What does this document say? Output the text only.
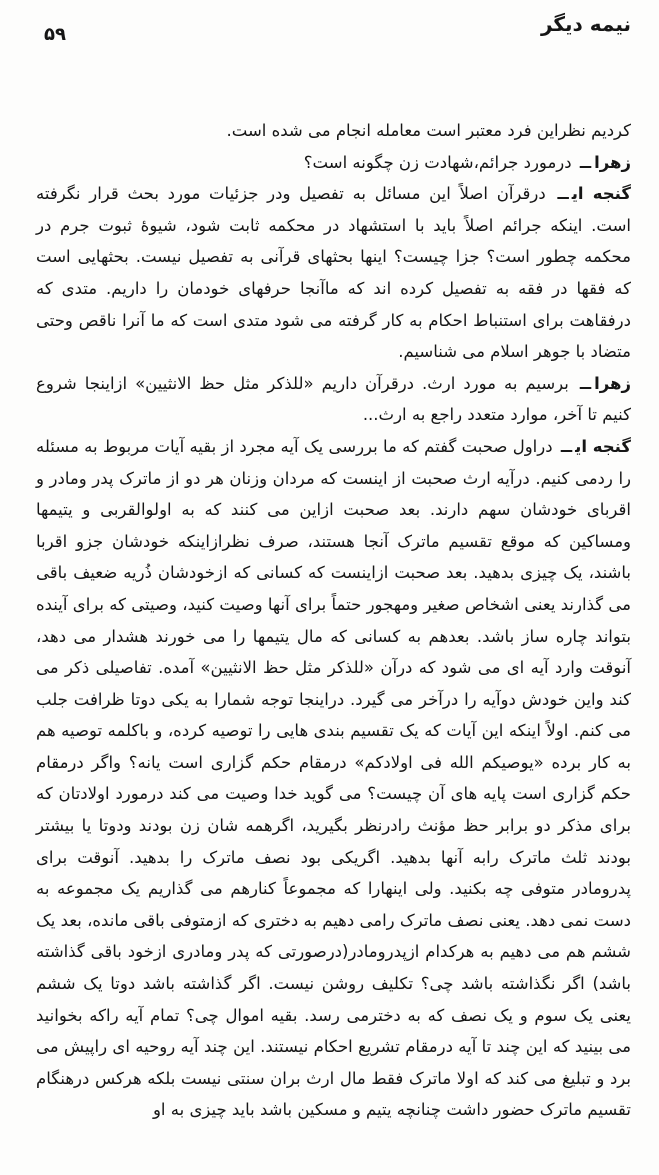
نیمه دیگر
۵۹

کردیم نظراین فرد معتبر است معامله انجام می شده است.

زهراــ درمورد جرائم،شهادت زن چگونه است؟

گنجه ایــ درقرآن اصلاً این مسائل به تفصیل ودر جزئیات مورد بحث قرار نگرفته است. اینکه جرائم اصلاً باید با استشهاد در محکمه ثابت شود، شیوهٔ ثبوت جرم در محکمه چطور است؟ جزا چیست؟ اینها بحثهای قرآنی به تفصیل نیست. بحثهایی است که فقها در فقه به تفصیل کرده اند که ماآنجا حرفهای خودمان را داریم. متدی که درفقاهت برای استنباط احکام به کار گرفته می شود متدی است که ما آنرا ناقص وحتی متضاد با جوهر اسلام می شناسیم.

زهراــ برسیم به مورد ارث. درقرآن داریم «للذکر مثل حظ الانثیین» ازاینجا شروع کنیم تا آخر، موارد متعدد راجع به ارث...

گنجه ایــ دراول صحبت گفتم که ما بررسی یک آیه مجرد از بقیه آیات مربوط به مسئله را ردمی کنیم. درآیه ارث صحبت از اینست که مردان وزنان هر دو از ماترک پدر ومادر و اقربای خودشان سهم دارند. بعد صحبت ازاین می کنند که به اولوالقربی و یتیمها ومساکین که موقع تقسیم ماترک آنجا هستند، صرف نظرازاینکه خودشان جزو اقربا باشند، یک چیزی بدهید. بعد صحبت ازاینست که کسانی که ازخودشان ذُریه ضعیف باقی می گذارند یعنی اشخاص صغیر ومهجور حتماً برای آنها وصیت کنید، وصیتی که برای آینده بتواند چاره ساز باشد. بعدهم به کسانی که مال یتیمها را می خورند هشدار می دهد، آنوقت وارد آیه ای می شود که درآن «للذکر مثل حظ الانثیین» آمده. تفاصیلی ذکر می کند واین خودش دوآیه را درآخر می گیرد. دراینجا توجه شمارا به یکی دوتا ظرافت جلب می کنم. اولاً اینکه این آیات که یک تقسیم بندی هایی را توصیه کرده، و باکلمه توصیه هم به کار برده «یوصیکم الله فی اولادکم» درمقام حکم گزاری است یانه؟ واگر درمقام حکم گزاری است پایه های آن چیست؟ می گوید خدا وصیت می کند درمورد اولادتان که برای مذکر دو برابر حظ مؤنث رادرنظر بگیرید، اگرهمه شان زن بودند ودوتا یا بیشتر بودند ثلث ماترک رابه آنها بدهید. اگریکی بود نصف ماترک را بدهید. آنوقت برای پدرومادر متوفی چه بکنید. ولی اینهارا که مجموعاً کنارهم می گذاریم یک مجموعه به دست نمی دهد. یعنی نصف ماترک رامی دهیم به دختری که ازمتوفی باقی مانده، بعد یک ششم هم می دهیم به هرکدام ازپدرومادر(درصورتی که پدر ومادری ازخود باقی گذاشته باشد) اگر نگذاشته باشد چی؟ تکلیف روشن نیست. اگر گذاشته باشد دوتا یک ششم یعنی یک سوم و یک نصف که به دخترمی رسد. بقیه اموال چی؟ تمام آیه راکه بخوانید می بینید که این چند تا آیه درمقام تشریع احکام نیستند. این چند آیه روحیه ای راپیش می برد و تبلیغ می کند که اولا ماترک فقط مال ارث بران سنتی نیست بلکه هرکس درهنگام تقسیم ماترک حضور داشت چنانچه یتیم و مسکین باشد باید چیزی به او
